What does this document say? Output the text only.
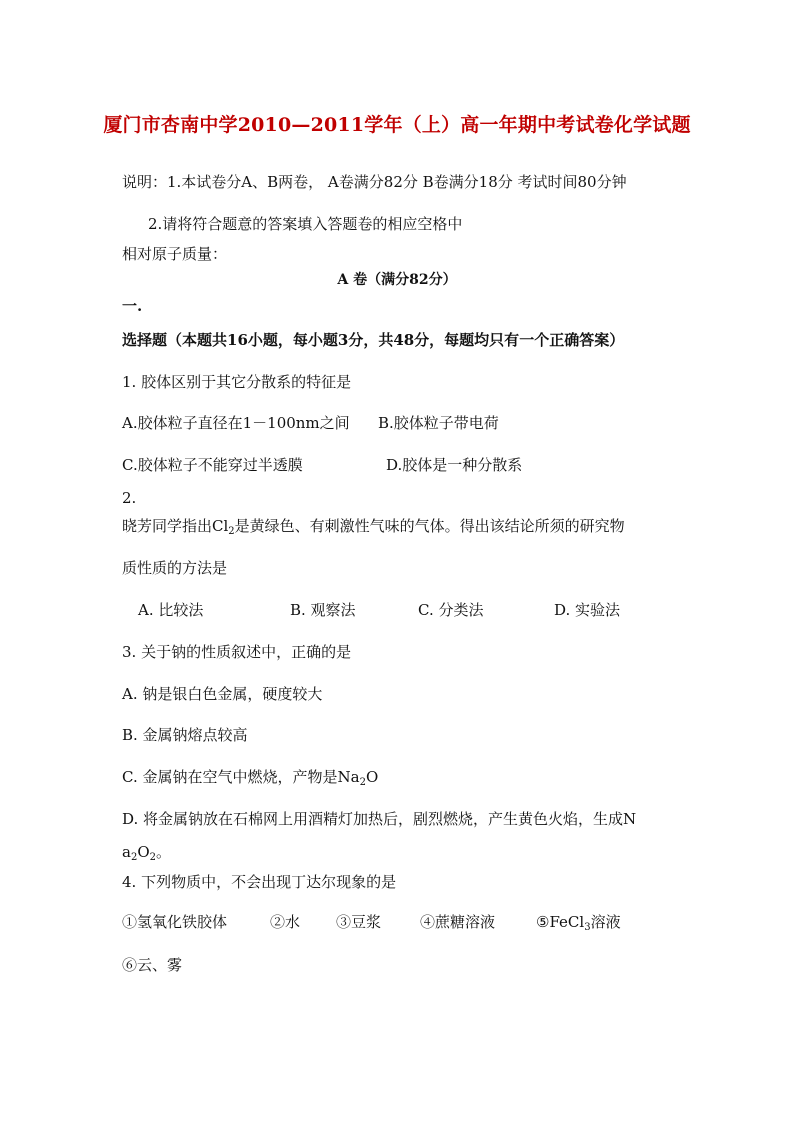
厦门市杏南中学2010—2011学年（上）高一年期中考试卷化学试题
说明：1.本试卷分A、B两卷， A卷满分82分 B卷满分18分 考试时间80分钟
2.请将符合题意的答案填入答题卷的相应空格中
相对原子质量：
A 卷（满分82分）
一.
选择题（本题共16小题，每小题3分，共48分，每题均只有一个正确答案）
1. 胶体区别于其它分散系的特征是
A.胶体粒子直径在1－100nm之间 B.胶体粒子带电荷
C.胶体粒子不能穿过半透膜	D.胶体是一种分散系
2.
晓芳同学指出$Cl_2$是黄绿色、有刺激性气味的气体。得出该结论所须的研究物
质性质的方法是
A. 比较法	B. 观察法	C. 分类法	D. 实验法
3. 关于钠的性质叙述中，正确的是
A. 钠是银白色金属，硬度较大
B. 金属钠熔点较高
C. 金属钠在空气中燃烧，产物是$Na_2O$
D. 将金属钠放在石棉网上用酒精灯加热后，剧烈燃烧，产生黄色火焰，生成N
$a_2O_2$。
4. 下列物质中，不会出现丁达尔现象的是
①氢氧化铁胶体	②水 ③豆浆	④蔗糖溶液	⑤FeCl$_3$溶液
⑥云、雾
